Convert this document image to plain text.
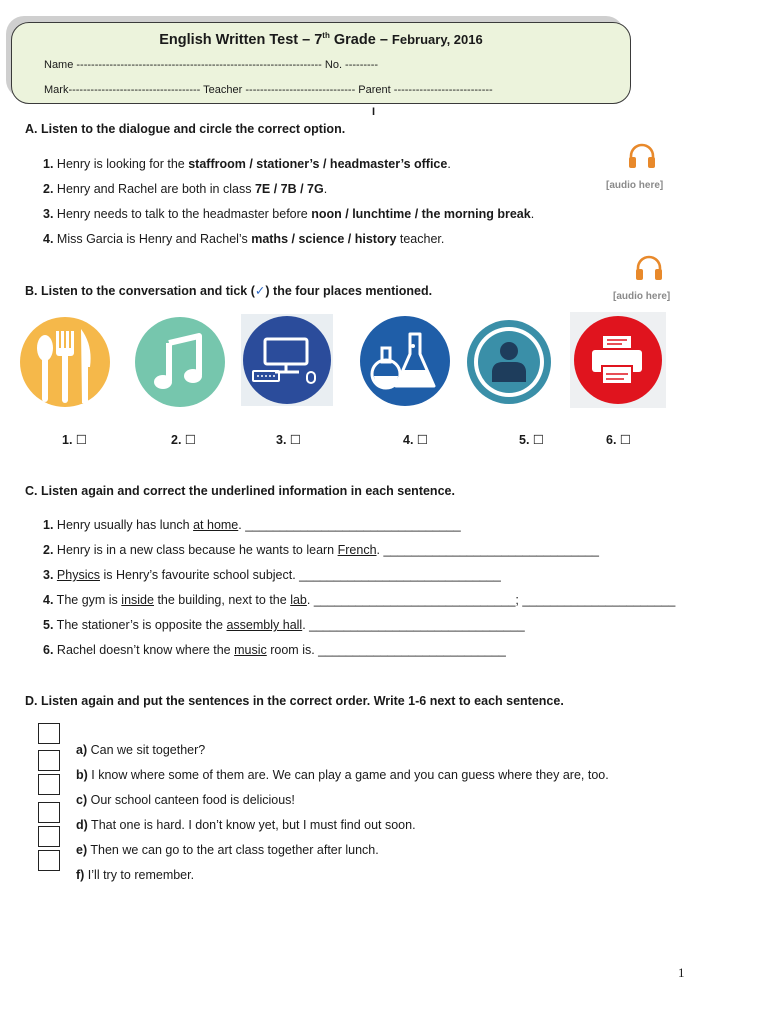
English Written Test – 7th Grade – February, 2016
Name ------------------------------------------------------------------- No. ---------
Mark------------------------------------ Teacher ------------------------------ Parent ---------------------------
I
A. Listen to the dialogue and circle the correct option.
[audio here]
1. Henry is looking for the staffroom / stationer’s / headmaster’s office.
2. Henry and Rachel are both in class 7E / 7B / 7G.
3. Henry needs to talk to the headmaster before noon / lunchtime / the morning break.
4. Miss Garcia is Henry and Rachel’s maths / science / history teacher.
[audio here]
B. Listen to the conversation and tick (✓) the four places mentioned.
1. ☐	2. ☐	3. ☐	4. ☐	5. ☐	6. ☐
C. Listen again and correct the underlined information in each sentence.
1. Henry usually has lunch at home. _______________________________
2. Henry is in a new class because he wants to learn French. _______________________________
3. Physics is Henry’s favourite school subject. _____________________________
4. The gym is inside the building, next to the lab. _____________________________; ______________________
5. The stationer’s is opposite the assembly hall. _______________________________
6. Rachel doesn’t know where the music room is. ___________________________
D. Listen again and put the sentences in the correct order. Write 1-6 next to each sentence.
a) Can we sit together?
b) I know where some of them are. We can play a game and you can guess where they are, too.
c) Our school canteen food is delicious!
d) That one is hard. I don’t know yet, but I must find out soon.
e) Then we can go to the art class together after lunch.
f) I’ll try to remember.
1
